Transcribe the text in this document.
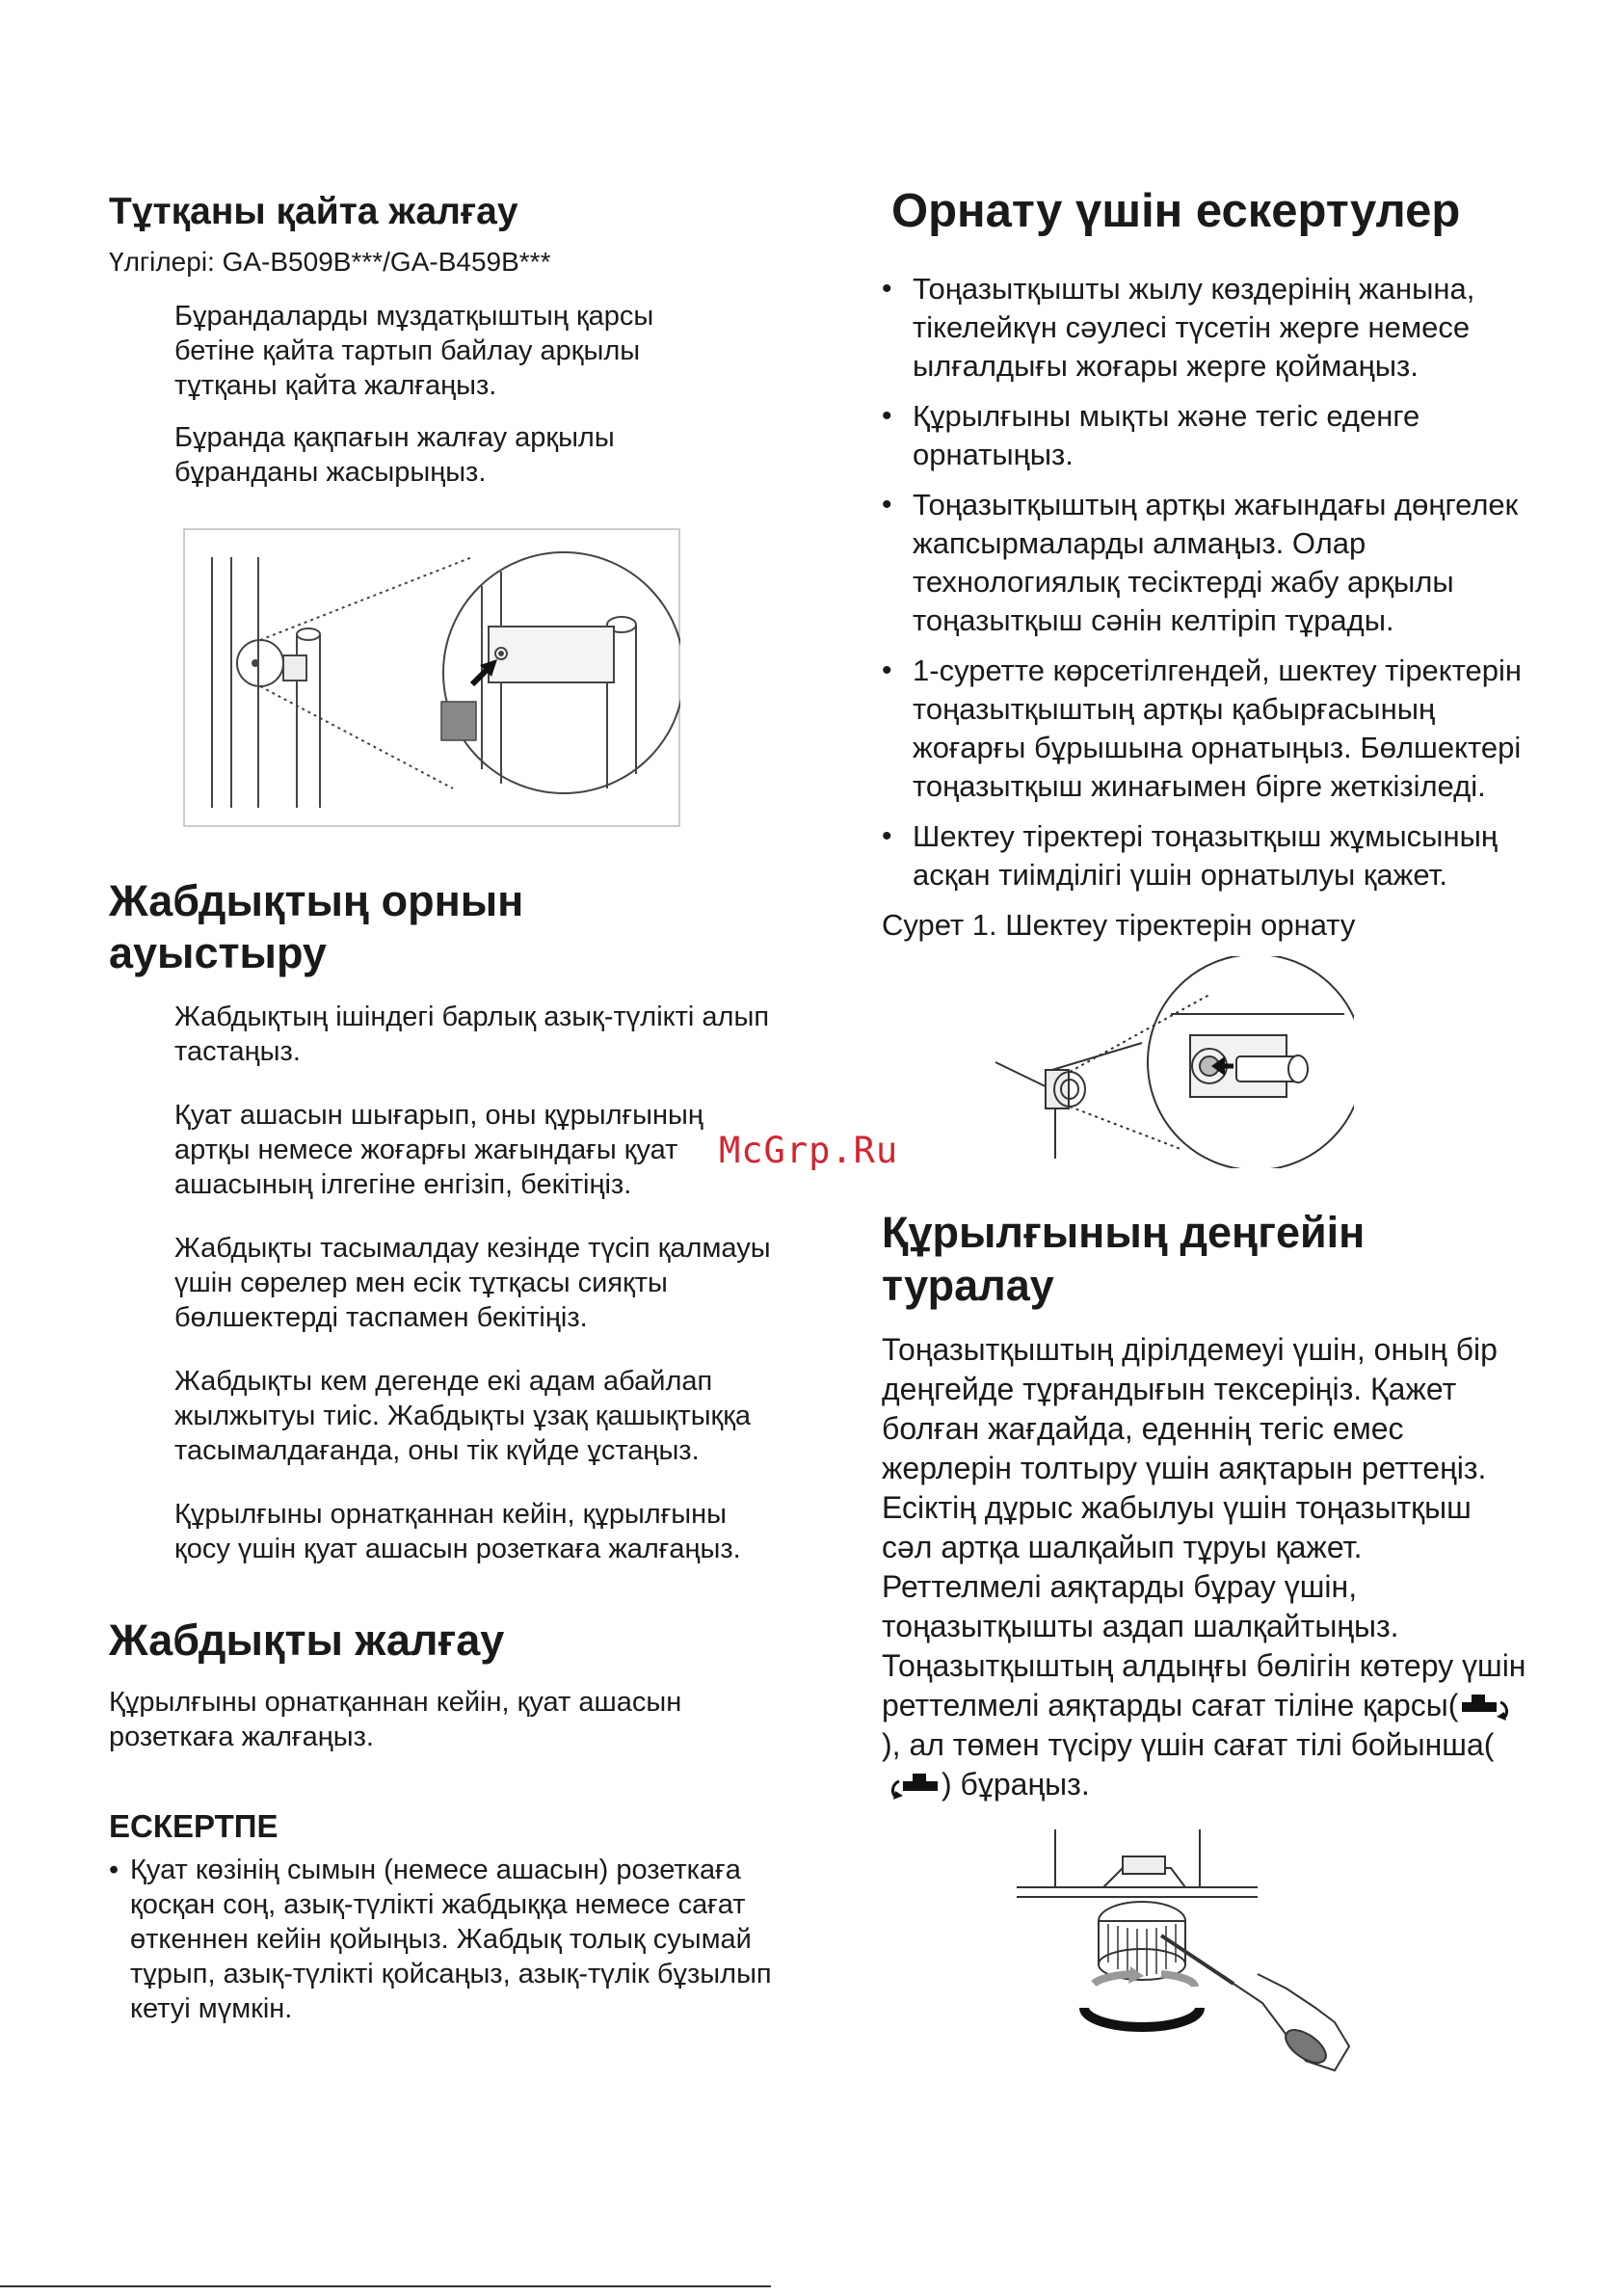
McGrp.Ru
Тұтқаны қайта жалғау

Үлгілері: GA-B509B***/GA-B459B***

Бұрандаларды мұздатқыштың қарсы бетіне қайта тартып байлау арқылы тұтқаны қайта жалғаңыз.

Бұранда қақпағын жалғау арқылы бұранданы жасырыңыз.

Жабдықтың орнын
ауыстыру

Жабдықтың ішіндегі барлық азық-түлікті алып тастаңыз.

Қуат ашасын шығарып, оны құрылғының артқы немесе жоғарғы жағындағы қуат ашасының ілгегіне енгізіп, бекітіңіз.

Жабдықты тасымалдау кезінде түсіп қалмауы үшін сөрелер мен есік тұтқасы сияқты бөлшектерді таспамен бекітіңіз.

Жабдықты кем дегенде екі адам абайлап жылжытуы тиіс. Жабдықты ұзақ қашықтыққа тасымалдағанда, оны тік күйде ұстаңыз.

Құрылғыны орнатқаннан кейін, құрылғыны қосу үшін қуат ашасын розеткаға жалғаңыз.

Жабдықты жалғау

Құрылғыны орнатқаннан кейін, қуат ашасын розеткаға жалғаңыз.

ЕСКЕРТПЕ
• Қуат көзінің сымын (немесе ашасын) розеткаға қосқан соң, азық-түлікті жабдыққа немесе сағат өткеннен кейін қойыңыз. Жабдық толық суымай тұрып, азық-түлікті қойсаңыз, азық-түлік бұзылып кетуі мүмкін.
Орнату үшін ескертулер
• Тоңазытқышты жылу көздерінің жанына, тікелейкүн сәулесі түсетін жерге немесе ылғалдығы жоғары жерге қоймаңыз.
• Құрылғыны мықты және тегіс еденге орнатыңыз.
• Тоңазытқыштың артқы жағындағы дөңгелек жапсырмаларды алмаңыз. Олар технологиялық тесіктерді жабу арқылы тоңазытқыш сәнін келтіріп тұрады.
• 1-суретте көрсетілгендей, шектеу тіректерін тоңазытқыштың артқы қабырғасының жоғарғы бұрышына орнатыңыз. Бөлшектері тоңазытқыш жинағымен бірге жеткізіледі.
• Шектеу тіректері тоңазытқыш жұмысының асқан тиімділігі үшін орнатылуы қажет.

Сурет 1. Шектеу тіректерін орнату

Құрылғының деңгейін
туралау

Тоңазытқыштың дірілдемеуі үшін, оның бір деңгейде тұрғандығын тексеріңіз. Қажет болған жағдайда, еденнің тегіс емес жерлерін толтыру үшін аяқтарын реттеңіз. Есіктің дұрыс жабылуы үшін тоңазытқыш сәл артқа шалқайып тұруы қажет. Реттелмелі аяқтарды бұрау үшін, тоңазытқышты аздап шалқайтыңыз. Тоңазытқыштың алдыңғы бөлігін көтеру үшін реттелмелі аяқтарды сағат тіліне қарсы(), ал төмен түсіру үшін сағат тілі бойынша() бұраңыз.
